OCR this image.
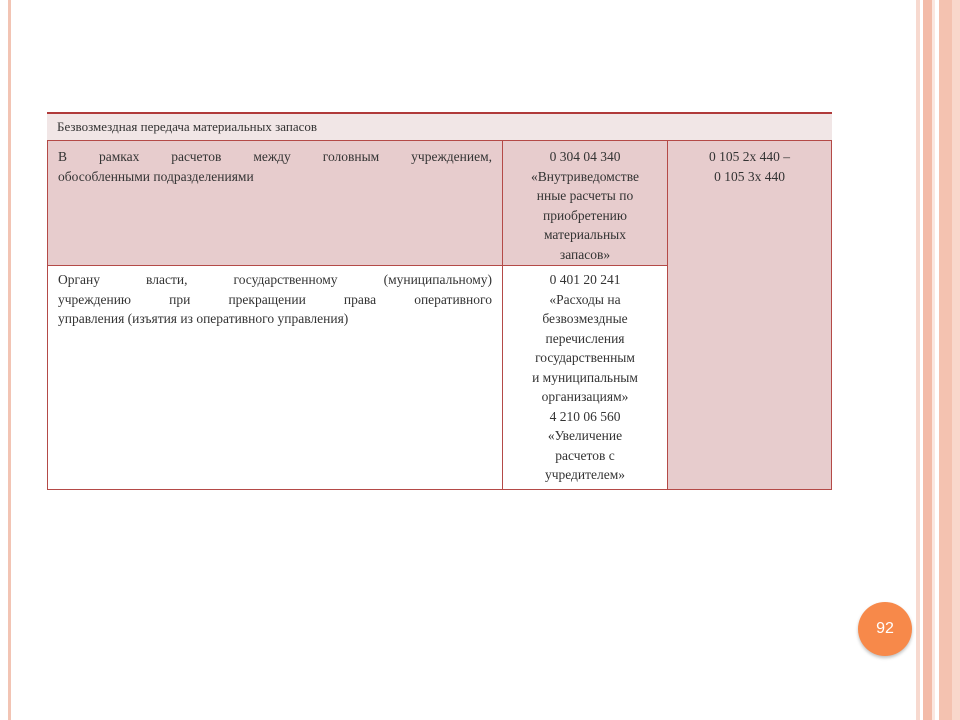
Безвозмездная передача материальных запасов
В рамках расчетов между головным учреждением,
обособленными подразделениями
0 304 04 340
«Внутриведомстве
нные расчеты по
приобретению
материальных
запасов»
0 105 2х 440 –
0 105 3х 440
Органу власти, государственному (муниципальному)
учреждению при прекращении права оперативного
управления (изъятия из оперативного управления)
0 401 20 241
«Расходы на
безвозмездные
перечисления
государственным
и муниципальным
организациям»
4 210 06 560
«Увеличение
расчетов с
учредителем»
92
